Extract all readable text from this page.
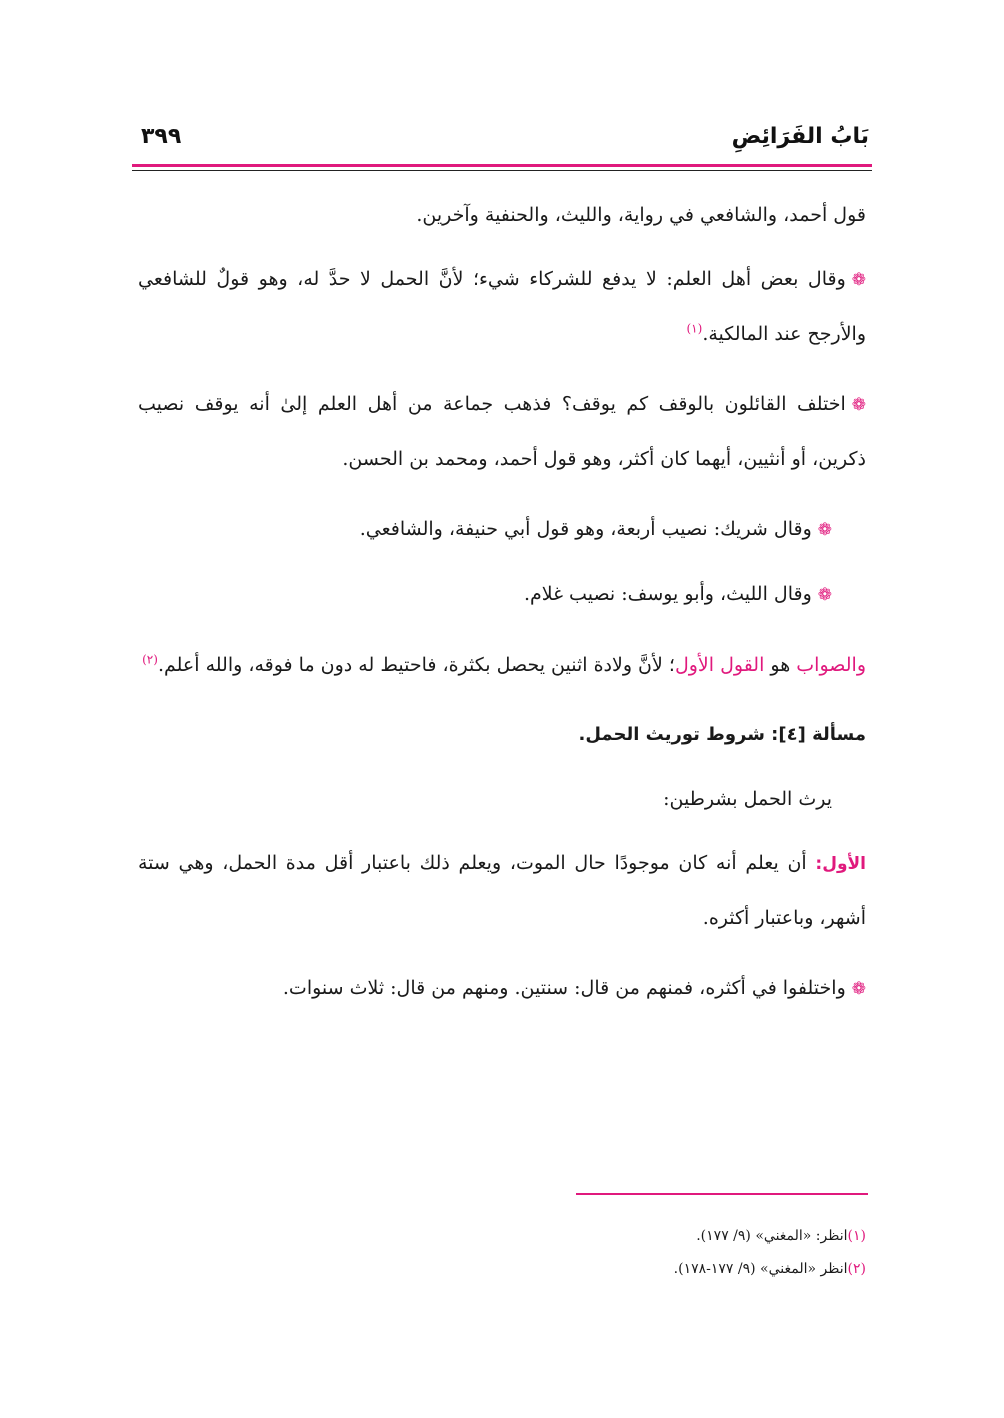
بَابُ الفَرَائِضِ
٣٩٩

قول أحمد، والشافعي في رواية، والليث، والحنفية وآخرين.

❁وقال بعض أهل العلم: لا يدفع للشركاء شيء؛ لأنَّ الحمل لا حدَّ له، وهو قولٌ للشافعي والأرجح عند المالكية.$^{(١)}$

❁اختلف القائلون بالوقف كم يوقف؟ فذهب جماعة من أهل العلم إلىٰ أنه يوقف نصيب ذكرين، أو أنثيين، أيهما كان أكثر، وهو قول أحمد، ومحمد بن الحسن.

❁وقال شريك: نصيب أربعة، وهو قول أبي حنيفة، والشافعي.

❁وقال الليث، وأبو يوسف: نصيب غلام.

والصواب هو القول الأول؛ لأنَّ ولادة اثنين يحصل بكثرة، فاحتيط له دون ما فوقه، والله أعلم.$^{(٢)}$

مسألة [٤]: شروط توريث الحمل.

يرث الحمل بشرطين:

الأول: أن يعلم أنه كان موجودًا حال الموت، ويعلم ذلك باعتبار أقل مدة الحمل، وهي ستة أشهر، وباعتبار أكثره.

❁واختلفوا في أكثره، فمنهم من قال: سنتين. ومنهم من قال: ثلاث سنوات.

(١)انظر: «المغني» (٩/ ١٧٧).
(٢)انظر «المغني» (٩/ ١٧٧-١٧٨).
